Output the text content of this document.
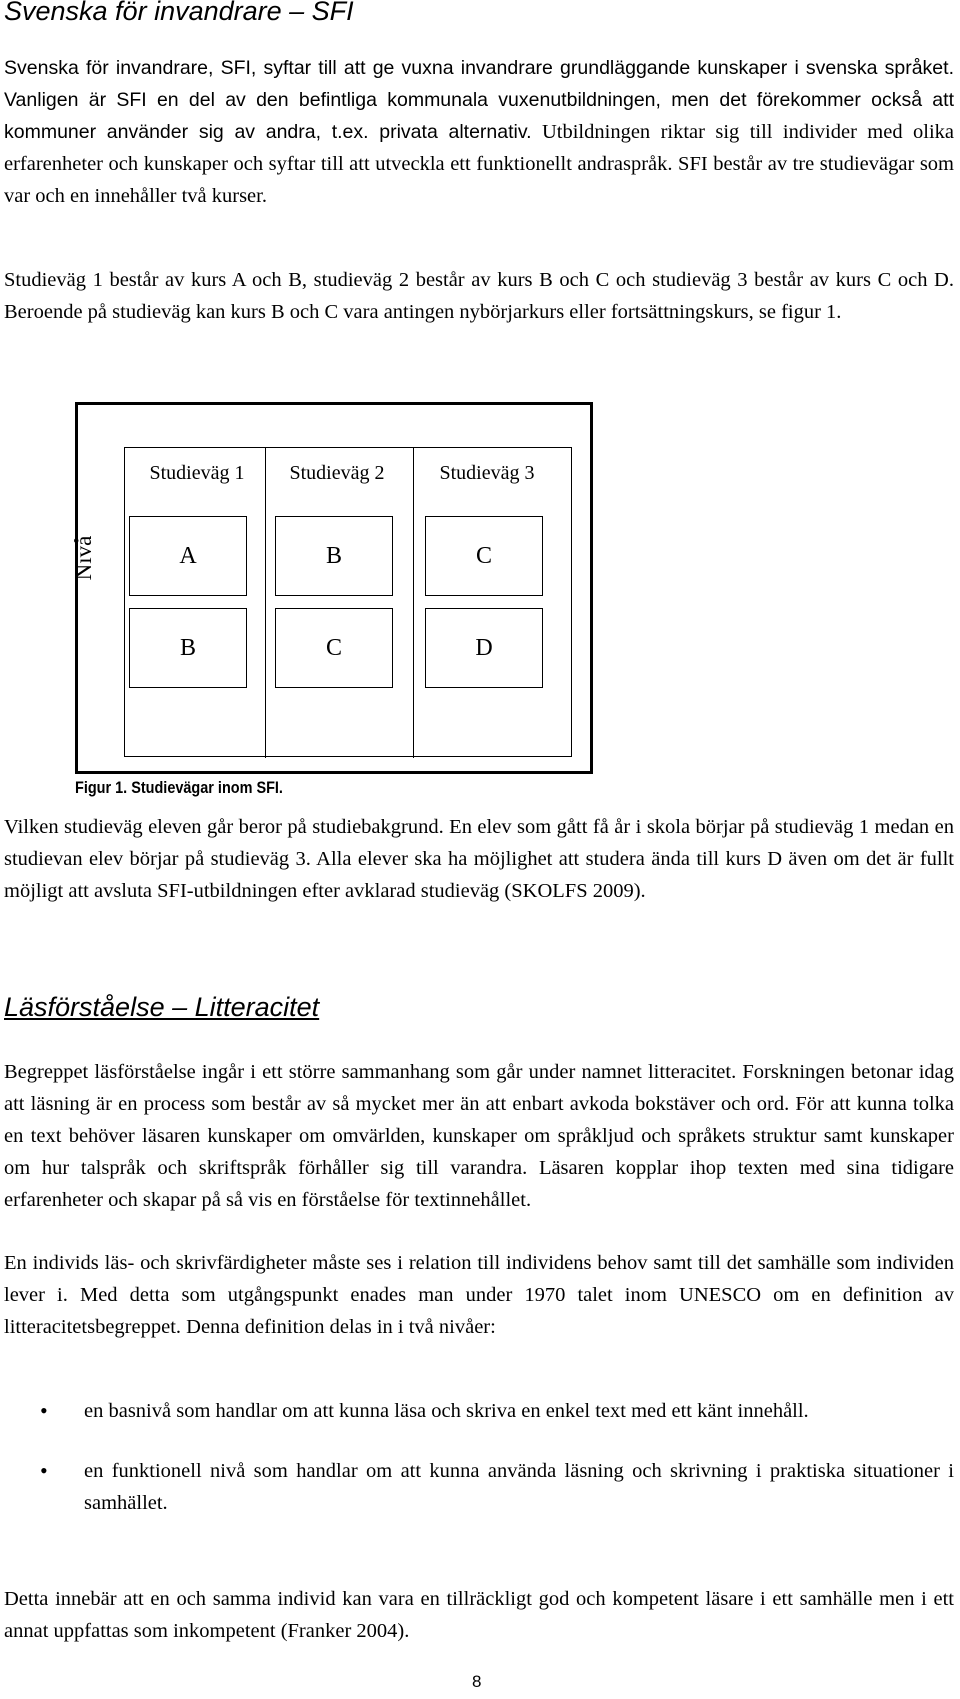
Svenska för invandrare – SFI

Svenska för invandrare, SFI, syftar till att ge vuxna invandrare grundläggande kunskaper i svenska språket. Vanligen är SFI en del av den befintliga kommunala vuxenutbildningen, men det förekommer också att kommuner använder sig av andra, t.ex. privata alternativ. Utbildningen riktar sig till individer med olika erfarenheter och kunskaper och syftar till att utveckla ett funktionellt andraspråk. SFI består av tre studievägar som var och en innehåller två kurser.

Studieväg 1 består av kurs A och B, studieväg 2 består av kurs B och C och studieväg 3 består av kurs C och D. Beroende på studieväg kan kurs B och C vara antingen nybörjarkurs eller fortsättningskurs, se figur 1.

Nivå
Studieväg 1	Studieväg 2	Studieväg 3
A	B	C
B	C	D
Figur 1. Studievägar inom SFI.

Vilken studieväg eleven går beror på studiebakgrund. En elev som gått få år i skola börjar på studieväg 1 medan en studievan elev börjar på studieväg 3. Alla elever ska ha möjlighet att studera ända till kurs D även om det är fullt möjligt att avsluta SFI-utbildningen efter avklarad studieväg (SKOLFS 2009).

Läsförståelse – Litteracitet

Begreppet läsförståelse ingår i ett större sammanhang som går under namnet litteracitet. Forskningen betonar idag att läsning är en process som består av så mycket mer än att enbart avkoda bokstäver och ord. För att kunna tolka en text behöver läsaren kunskaper om omvärlden, kunskaper om språkljud och språkets struktur samt kunskaper om hur talspråk och skriftspråk förhåller sig till varandra. Läsaren kopplar ihop texten med sina tidigare erfarenheter och skapar på så vis en förståelse för textinnehållet.

En individs läs- och skrivfärdigheter måste ses i relation till individens behov samt till det samhälle som individen lever i. Med detta som utgångspunkt enades man under 1970 talet inom UNESCO om en definition av litteracitetsbegreppet. Denna definition delas in i två nivåer:

• en basnivå som handlar om att kunna läsa och skriva en enkel text med ett känt innehåll.
• en funktionell nivå som handlar om att kunna använda läsning och skrivning i praktiska situationer i samhället.

Detta innebär att en och samma individ kan vara en tillräckligt god och kompetent läsare i ett samhälle men i ett annat uppfattas som inkompetent (Franker 2004).

8
